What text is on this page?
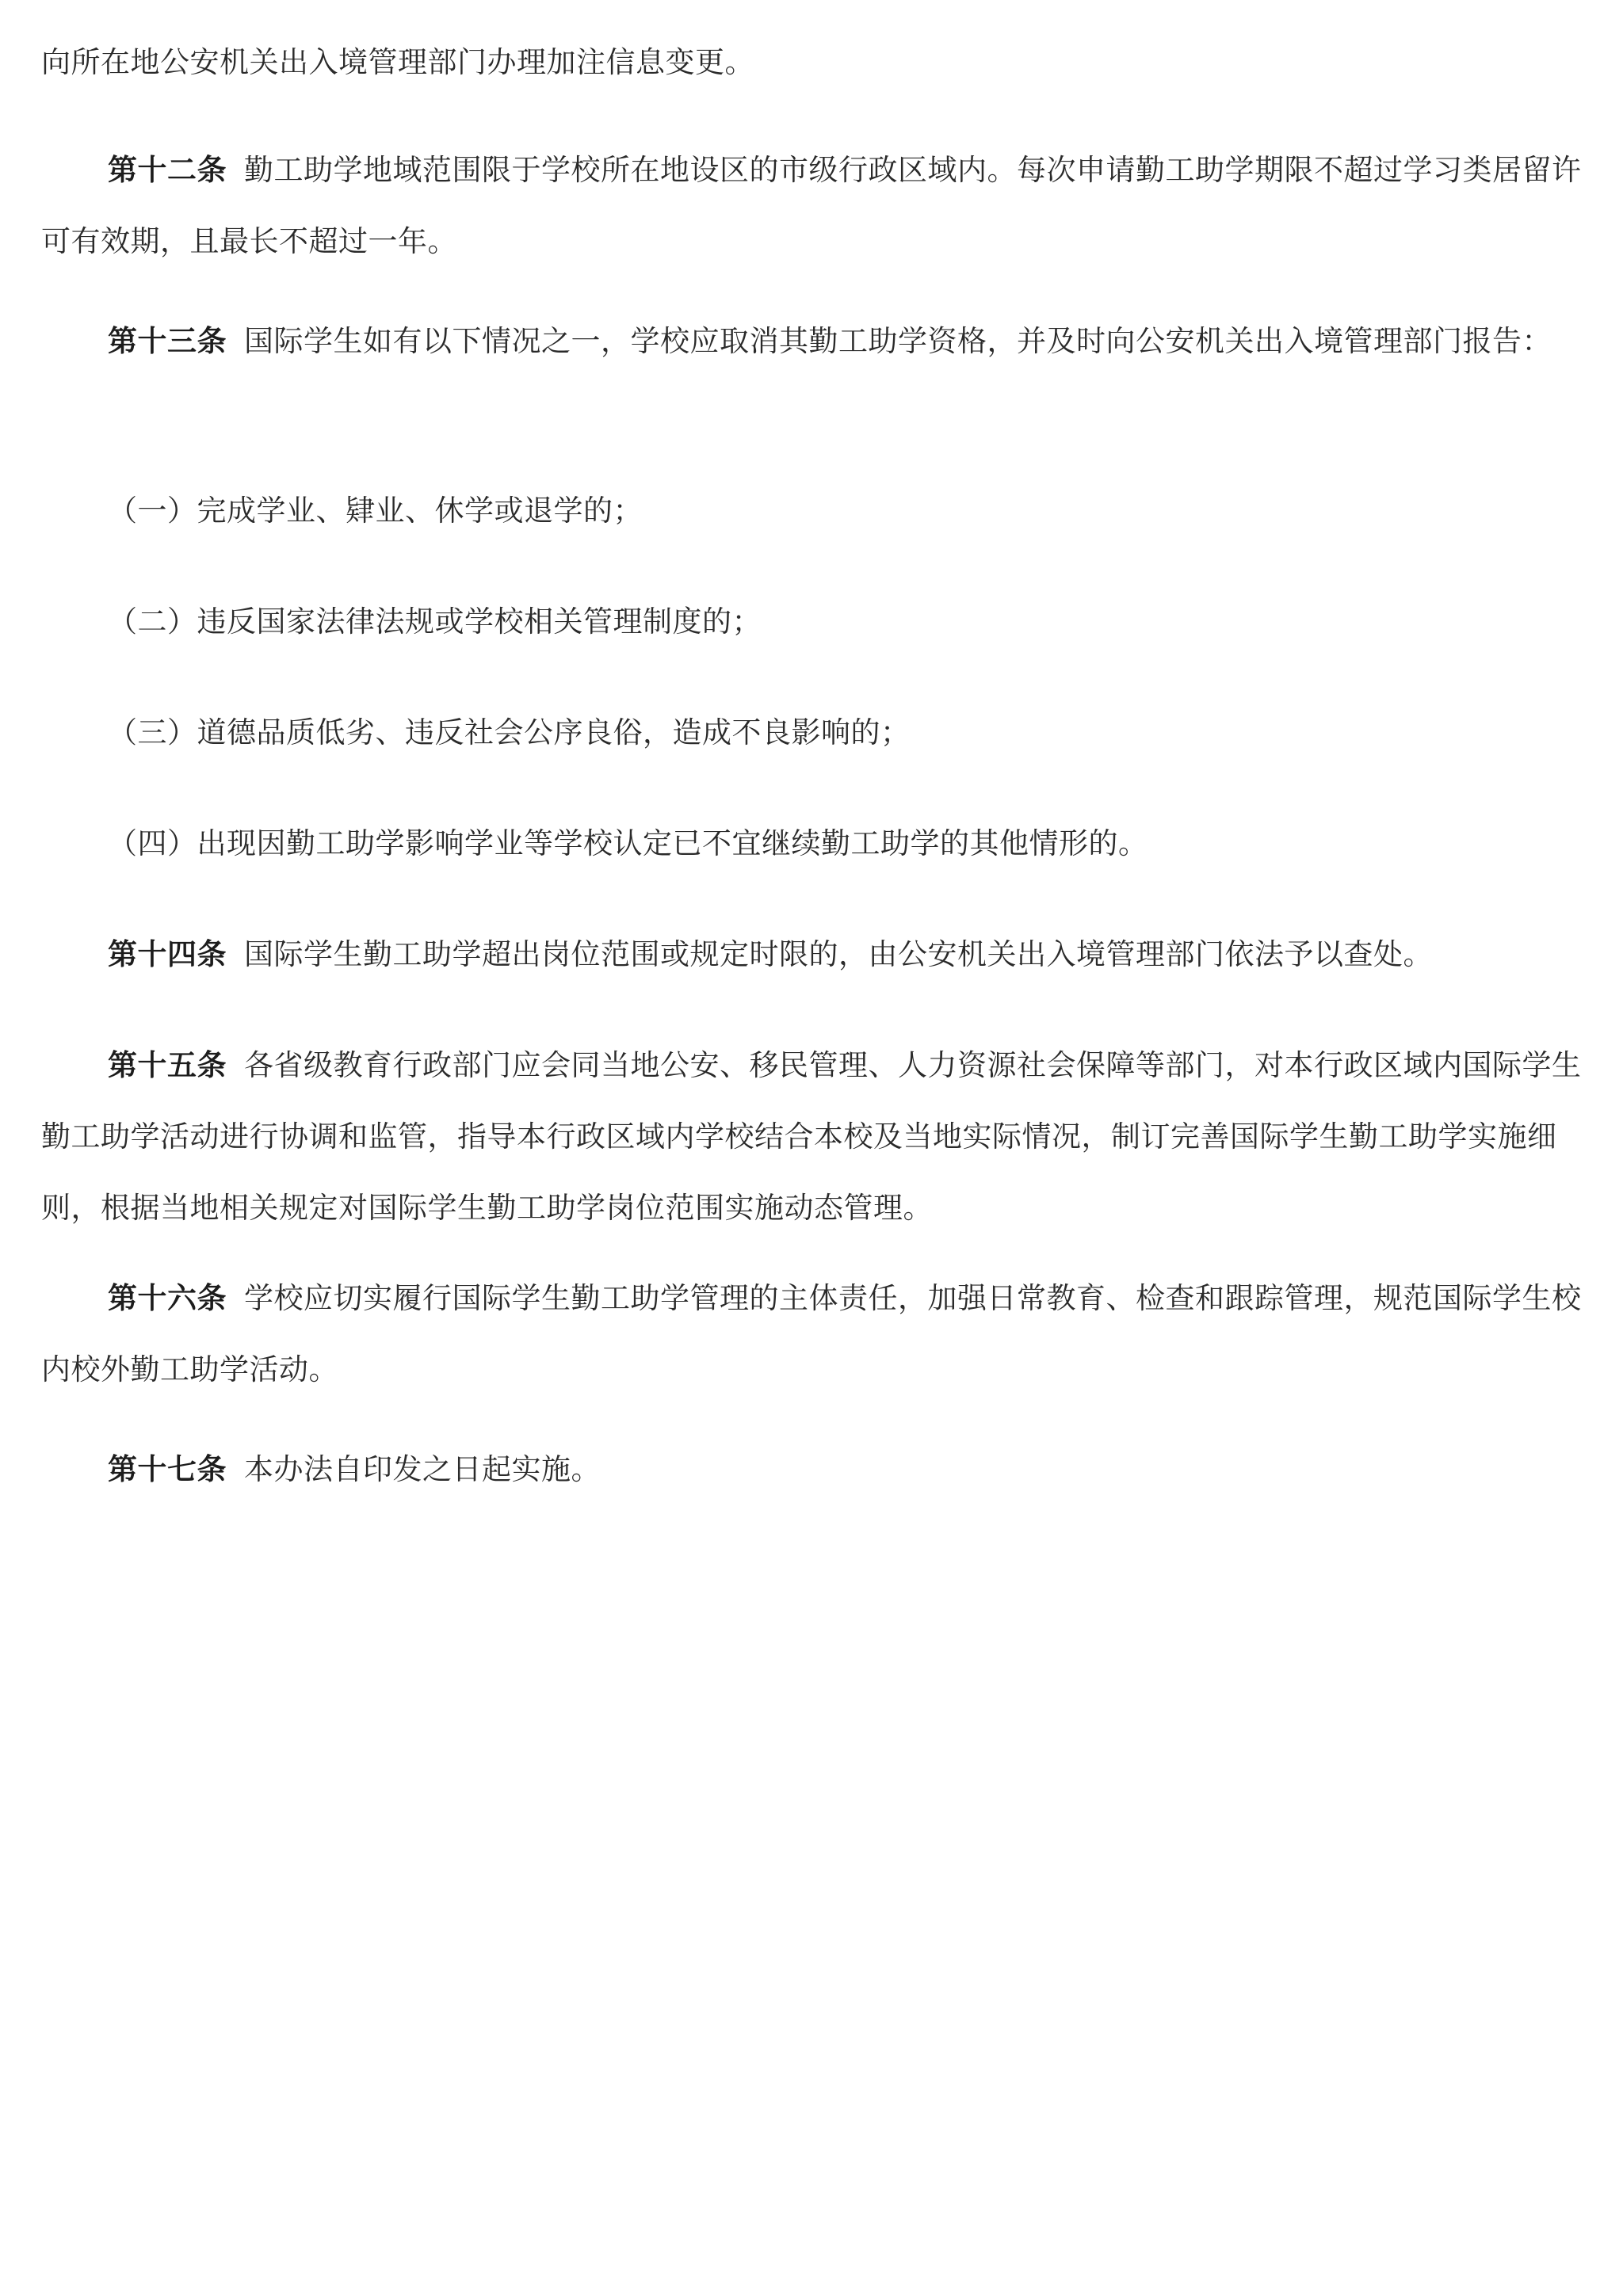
向所在地公安机关出入境管理部门办理加注信息变更。

第十二条 勤工助学地域范围限于学校所在地设区的市级行政区域内。每次申请勤工助学期限不超过学习类居留许可有效期，且最长不超过一年。

第十三条 国际学生如有以下情况之一，学校应取消其勤工助学资格，并及时向公安机关出入境管理部门报告：

（一）完成学业、肄业、休学或退学的；

（二）违反国家法律法规或学校相关管理制度的；

（三）道德品质低劣、违反社会公序良俗，造成不良影响的；

（四）出现因勤工助学影响学业等学校认定已不宜继续勤工助学的其他情形的。

第十四条 国际学生勤工助学超出岗位范围或规定时限的，由公安机关出入境管理部门依法予以查处。

第十五条 各省级教育行政部门应会同当地公安、移民管理、人力资源社会保障等部门，对本行政区域内国际学生勤工助学活动进行协调和监管，指导本行政区域内学校结合本校及当地实际情况，制订完善国际学生勤工助学实施细则，根据当地相关规定对国际学生勤工助学岗位范围实施动态管理。

第十六条 学校应切实履行国际学生勤工助学管理的主体责任，加强日常教育、检查和跟踪管理，规范国际学生校内校外勤工助学活动。

第十七条 本办法自印发之日起实施。
